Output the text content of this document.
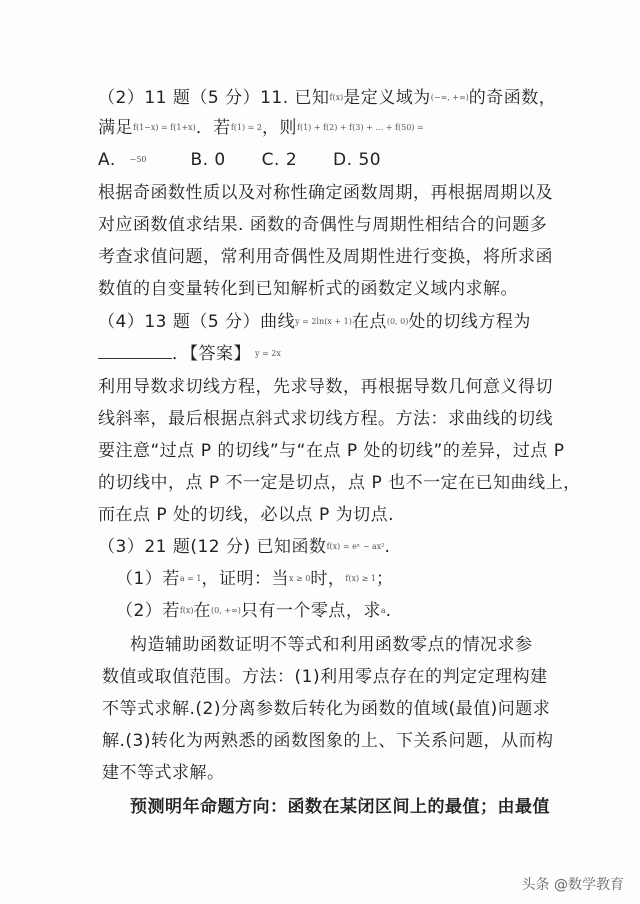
（2）11 题（5 分）11. 已知f(x)是定义域为(−∞, +∞)的奇函数，
满足f(1−x) = f(1+x)．若f(1) = 2，则f(1) + f(2) + f(3) + … + f(50) =
A. −50	B. 0 C. 2 D. 50
根据奇函数性质以及对称性确定函数周期，再根据周期以及
对应函数值求结果. 函数的奇偶性与周期性相结合的问题多
考查求值问题，常利用奇偶性及周期性进行变换，将所求函
数值的自变量转化到已知解析式的函数定义域内求解。
（4）13 题（5 分）曲线y = 2ln(x + 1)在点(0, 0)处的切线方程为
．【答案】 y = 2x
利用导数求切线方程，先求导数，再根据导数几何意义得切
线斜率，最后根据点斜式求切线方程。方法：求曲线的切线
要注意“过点 P 的切线”与“在点 P 处的切线”的差异，过点 P
的切线中，点 P 不一定是切点，点 P 也不一定在已知曲线上，
而在点 P 处的切线，必以点 P 为切点.
（3）21 题(12 分) 已知函数f(x) = eˣ − ax².
（1）若a = 1，证明：当x ≥ 0时，f(x) ≥ 1；
（2）若f(x)在(0, +∞)只有一个零点，求a.
构造辅助函数证明不等式和利用函数零点的情况求参
数值或取值范围。方法：(1)利用零点存在的判定定理构建
不等式求解.(2)分离参数后转化为函数的值域(最值)问题求
解.(3)转化为两熟悉的函数图象的上、下关系问题，从而构
建不等式求解。
预测明年命题方向：函数在某闭区间上的最值；由最值
头条 @数学教育
